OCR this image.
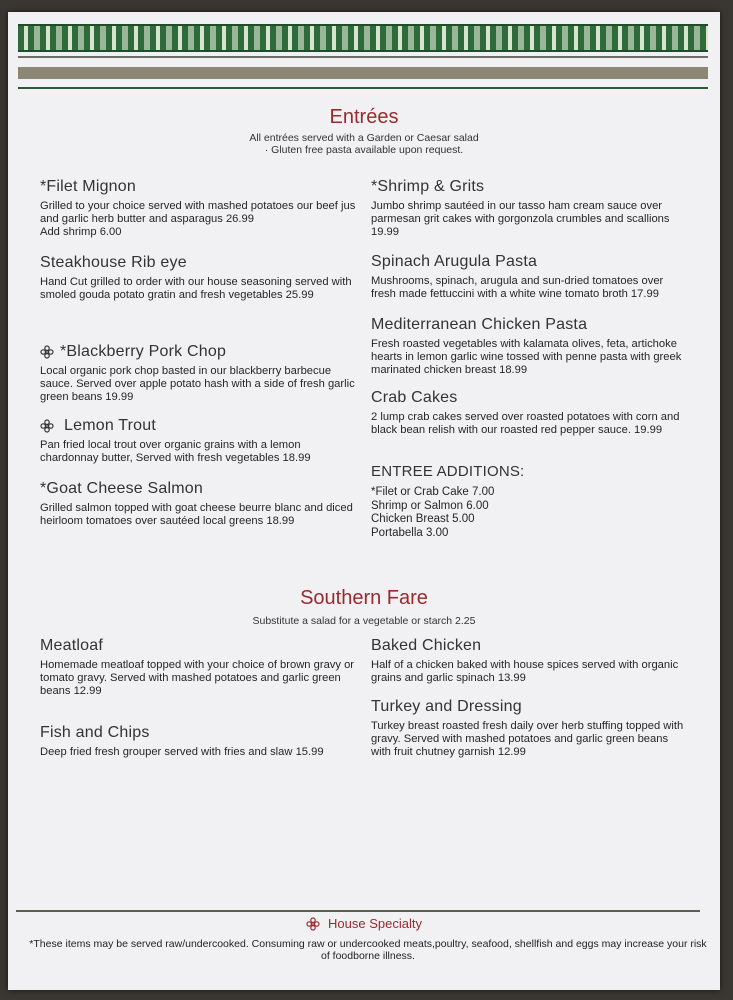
Entrées
All entrées served with a Garden or Caesar salad
· Gluten free pasta available upon request.
*Filet Mignon
Grilled to your choice served with mashed potatoes our beef jus and garlic herb butter and asparagus 26.99
Add shrimp 6.00
Steakhouse Rib eye
Hand Cut grilled to order with our house seasoning served with smoled gouda potato gratin and fresh vegetables 25.99
*Blackberry Pork Chop
Local organic pork chop basted in our blackberry barbecue sauce. Served over apple potato hash with a side of fresh garlic green beans 19.99
Lemon Trout
Pan fried local trout over organic grains with a lemon chardonnay butter, Served with fresh vegetables 18.99
*Goat Cheese Salmon
Grilled salmon topped with goat cheese beurre blanc and diced heirloom tomatoes over sautéed local greens 18.99
*Shrimp & Grits
Jumbo shrimp sautéed in our tasso ham cream sauce over parmesan grit cakes with gorgonzola crumbles and scallions 19.99
Spinach Arugula Pasta
Mushrooms, spinach, arugula and sun-dried tomatoes over fresh made fettuccini with a white wine tomato broth 17.99
Mediterranean Chicken Pasta
Fresh roasted vegetables with kalamata olives, feta, artichoke hearts in lemon garlic wine tossed with penne pasta with greek marinated chicken breast 18.99
Crab Cakes
2 lump crab cakes served over roasted potatoes with corn and black bean relish with our roasted red pepper sauce. 19.99
ENTREE ADDITIONS:
*Filet or Crab Cake 7.00
Shrimp or Salmon 6.00
Chicken Breast 5.00
Portabella 3.00
Southern Fare
Substitute a salad for a vegetable or starch 2.25
Meatloaf
Homemade meatloaf topped with your choice of brown gravy or tomato gravy. Served with mashed potatoes and garlic green beans 12.99
Fish and Chips
Deep fried fresh grouper served with fries and slaw 15.99
Baked Chicken
Half of a chicken baked with house spices served with organic grains and garlic spinach 13.99
Turkey and Dressing
Turkey breast roasted fresh daily over herb stuffing topped with gravy. Served with mashed potatoes and garlic green beans with fruit chutney garnish 12.99
House Specialty
*These items may be served raw/undercooked. Consuming raw or undercooked meats,poultry, seafood, shellfish and eggs may increase your risk of foodborne illness.
